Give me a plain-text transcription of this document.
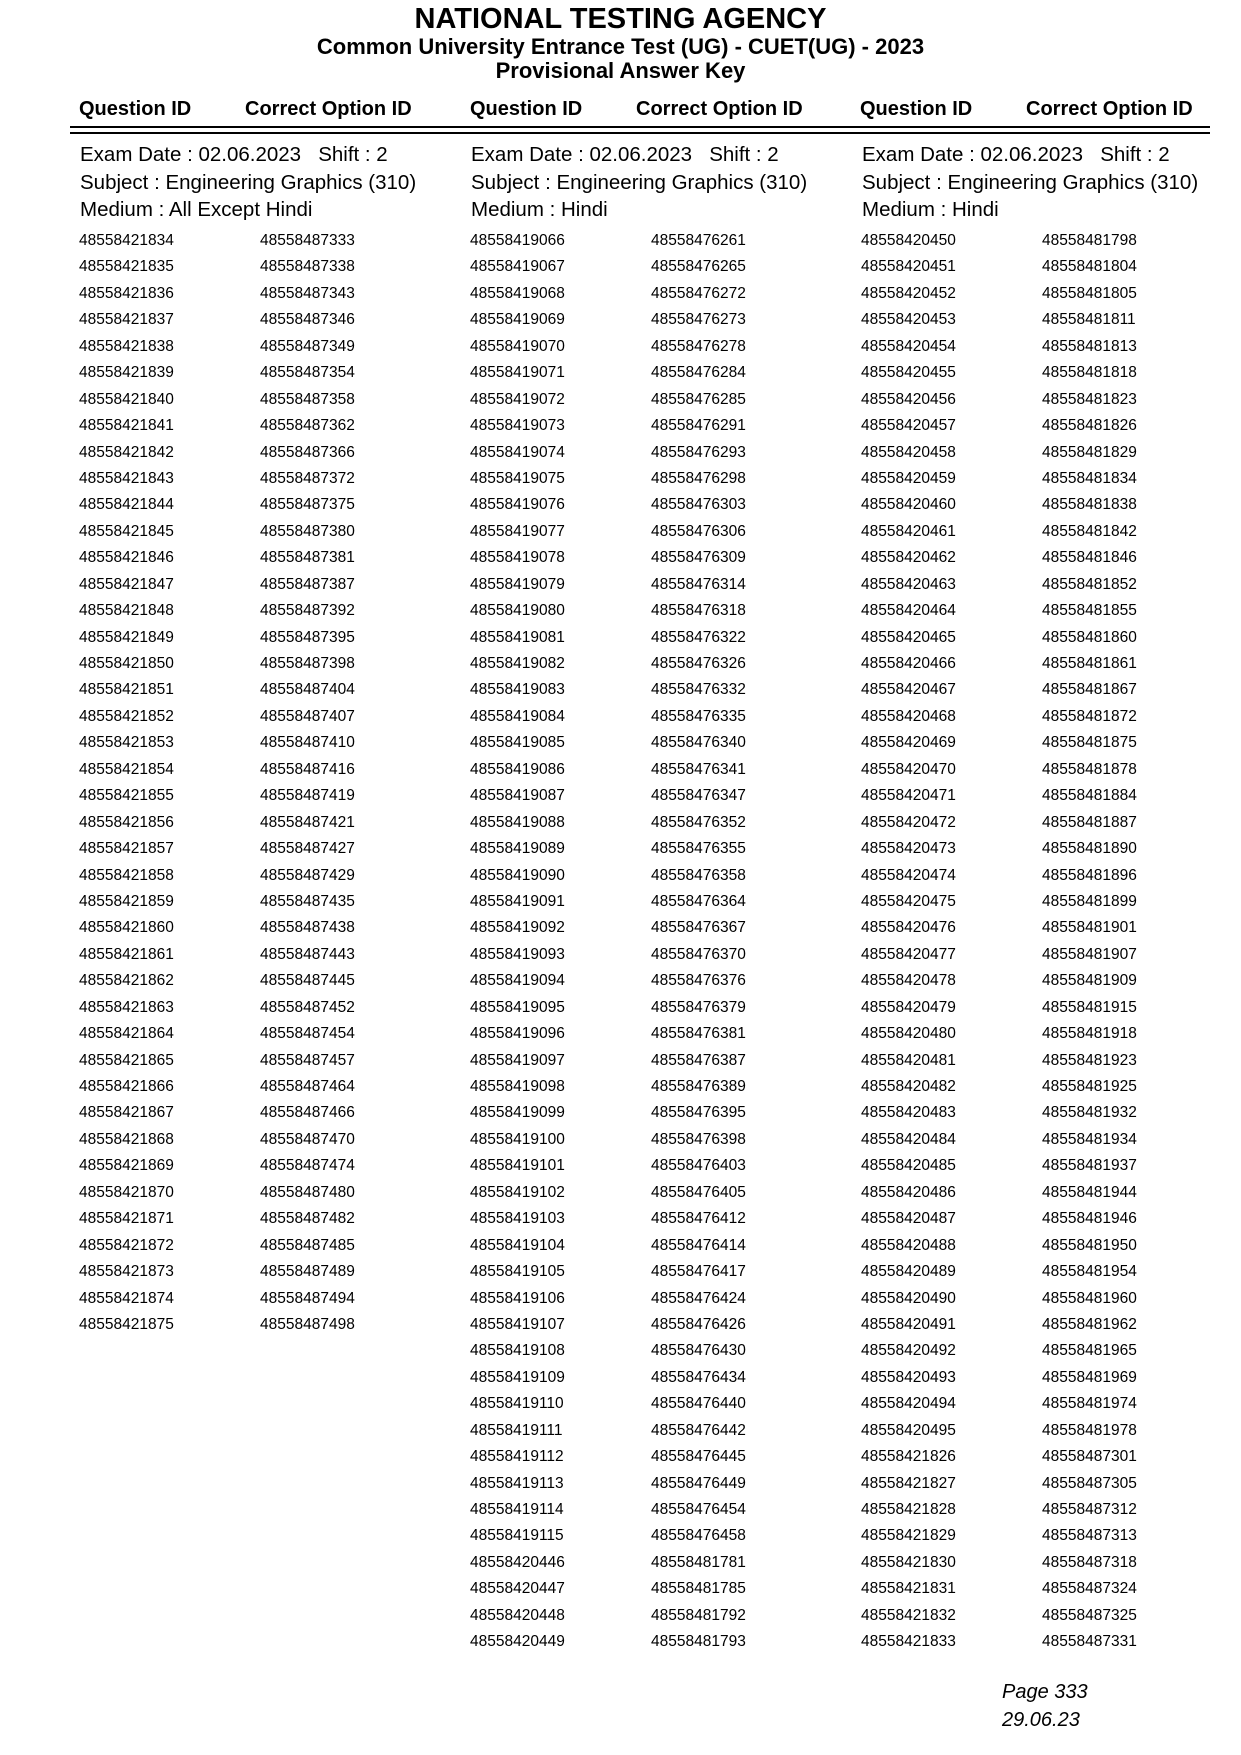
NATIONAL TESTING AGENCY
Common University Entrance Test (UG) - CUET(UG) - 2023
Provisional Answer Key
Question ID	Correct Option ID	Question ID	Correct Option ID	Question ID	Correct Option ID
Exam Date : 02.06.2023 Shift : 2
Subject : Engineering Graphics (310)
Medium : All Except Hindi
48558421834	48558487333
48558421835	48558487338
48558421836	48558487343
48558421837	48558487346
48558421838	48558487349
48558421839	48558487354
48558421840	48558487358
48558421841	48558487362
48558421842	48558487366
48558421843	48558487372
48558421844	48558487375
48558421845	48558487380
48558421846	48558487381
48558421847	48558487387
48558421848	48558487392
48558421849	48558487395
48558421850	48558487398
48558421851	48558487404
48558421852	48558487407
48558421853	48558487410
48558421854	48558487416
48558421855	48558487419
48558421856	48558487421
48558421857	48558487427
48558421858	48558487429
48558421859	48558487435
48558421860	48558487438
48558421861	48558487443
48558421862	48558487445
48558421863	48558487452
48558421864	48558487454
48558421865	48558487457
48558421866	48558487464
48558421867	48558487466
48558421868	48558487470
48558421869	48558487474
48558421870	48558487480
48558421871	48558487482
48558421872	48558487485
48558421873	48558487489
48558421874	48558487494
48558421875	48558487498
Exam Date : 02.06.2023 Shift : 2
Subject : Engineering Graphics (310)
Medium : Hindi
48558419066	48558476261
48558419067	48558476265
48558419068	48558476272
48558419069	48558476273
48558419070	48558476278
48558419071	48558476284
48558419072	48558476285
48558419073	48558476291
48558419074	48558476293
48558419075	48558476298
48558419076	48558476303
48558419077	48558476306
48558419078	48558476309
48558419079	48558476314
48558419080	48558476318
48558419081	48558476322
48558419082	48558476326
48558419083	48558476332
48558419084	48558476335
48558419085	48558476340
48558419086	48558476341
48558419087	48558476347
48558419088	48558476352
48558419089	48558476355
48558419090	48558476358
48558419091	48558476364
48558419092	48558476367
48558419093	48558476370
48558419094	48558476376
48558419095	48558476379
48558419096	48558476381
48558419097	48558476387
48558419098	48558476389
48558419099	48558476395
48558419100	48558476398
48558419101	48558476403
48558419102	48558476405
48558419103	48558476412
48558419104	48558476414
48558419105	48558476417
48558419106	48558476424
48558419107	48558476426
48558419108	48558476430
48558419109	48558476434
48558419110	48558476440
48558419111	48558476442
48558419112	48558476445
48558419113	48558476449
48558419114	48558476454
48558419115	48558476458
48558420446	48558481781
48558420447	48558481785
48558420448	48558481792
48558420449	48558481793
Exam Date : 02.06.2023 Shift : 2
Subject : Engineering Graphics (310)
Medium : Hindi
48558420450	48558481798
48558420451	48558481804
48558420452	48558481805
48558420453	48558481811
48558420454	48558481813
48558420455	48558481818
48558420456	48558481823
48558420457	48558481826
48558420458	48558481829
48558420459	48558481834
48558420460	48558481838
48558420461	48558481842
48558420462	48558481846
48558420463	48558481852
48558420464	48558481855
48558420465	48558481860
48558420466	48558481861
48558420467	48558481867
48558420468	48558481872
48558420469	48558481875
48558420470	48558481878
48558420471	48558481884
48558420472	48558481887
48558420473	48558481890
48558420474	48558481896
48558420475	48558481899
48558420476	48558481901
48558420477	48558481907
48558420478	48558481909
48558420479	48558481915
48558420480	48558481918
48558420481	48558481923
48558420482	48558481925
48558420483	48558481932
48558420484	48558481934
48558420485	48558481937
48558420486	48558481944
48558420487	48558481946
48558420488	48558481950
48558420489	48558481954
48558420490	48558481960
48558420491	48558481962
48558420492	48558481965
48558420493	48558481969
48558420494	48558481974
48558420495	48558481978
48558421826	48558487301
48558421827	48558487305
48558421828	48558487312
48558421829	48558487313
48558421830	48558487318
48558421831	48558487324
48558421832	48558487325
48558421833	48558487331
Page 333
29.06.23
